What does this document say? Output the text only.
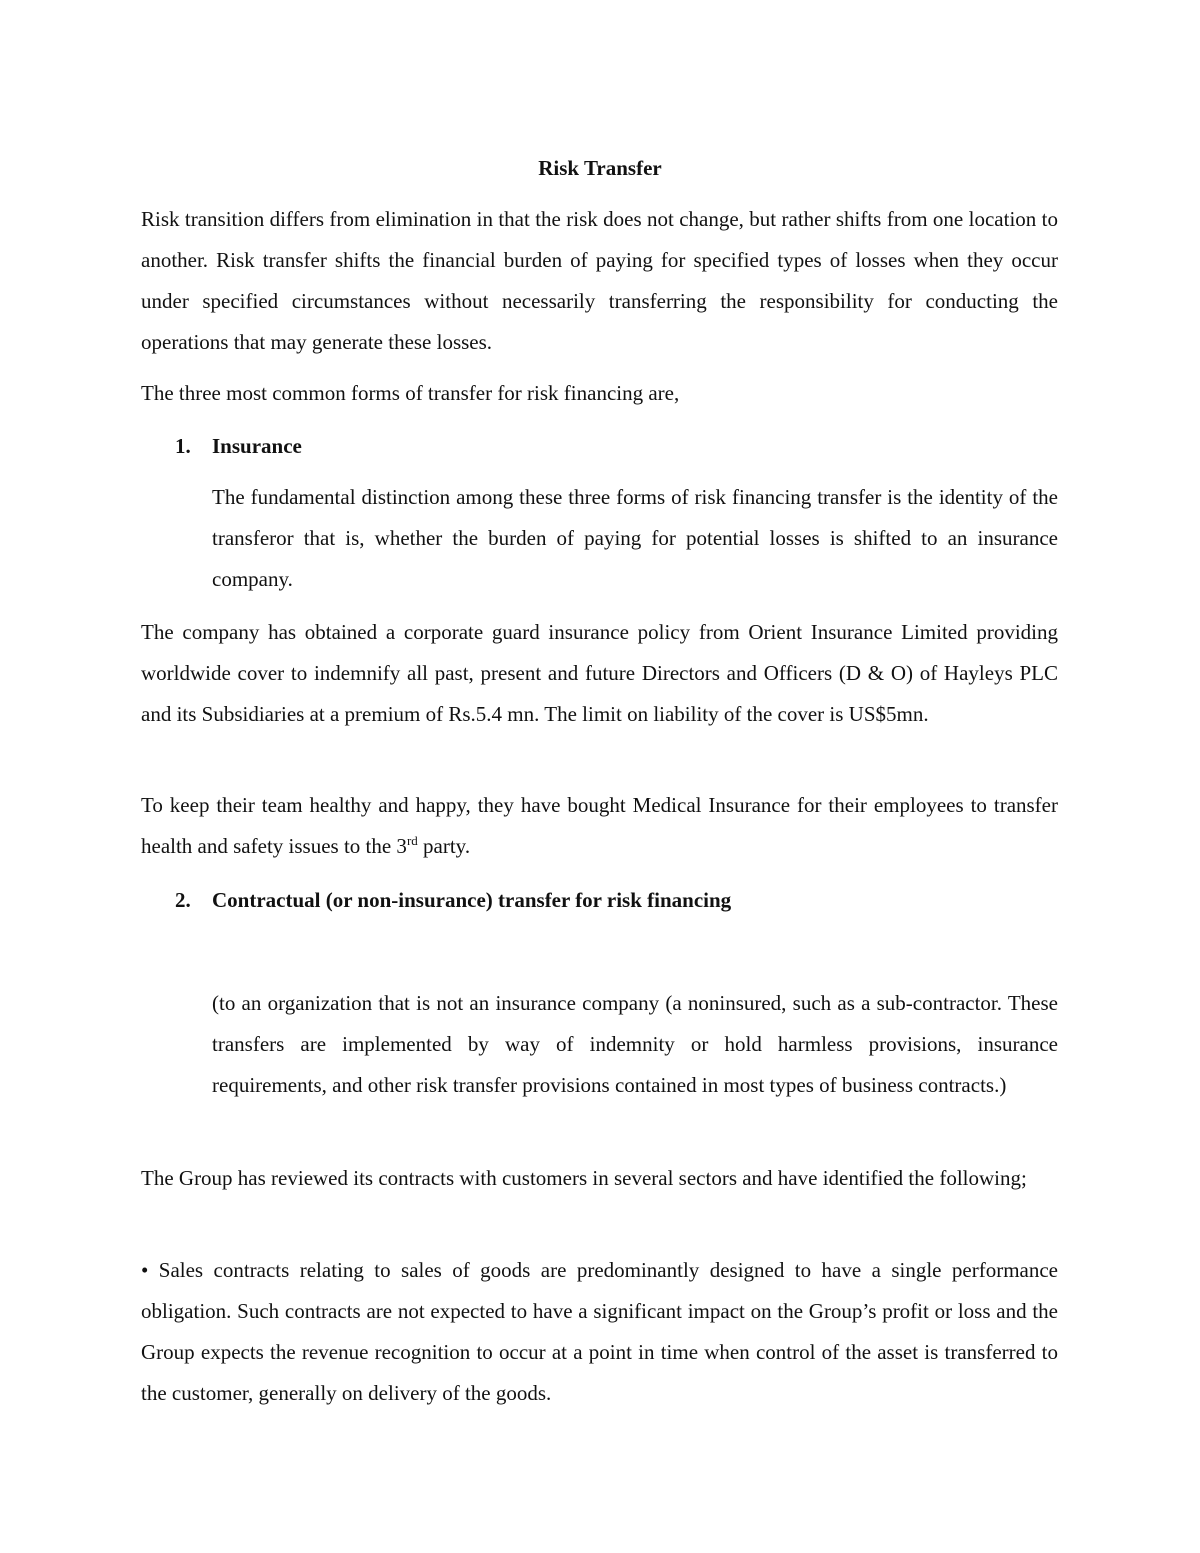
Risk Transfer

Risk transition differs from elimination in that the risk does not change, but rather shifts from one location to another. Risk transfer shifts the financial burden of paying for specified types of losses when they occur under specified circumstances without necessarily transferring the responsibility for conducting the operations that may generate these losses.

The three most common forms of transfer for risk financing are,

1. Insurance

The fundamental distinction among these three forms of risk financing transfer is the identity of the transferor that is, whether the burden of paying for potential losses is shifted to an insurance company.

The company has obtained a corporate guard insurance policy from Orient Insurance Limited providing worldwide cover to indemnify all past, present and future Directors and Officers (D & O) of Hayleys PLC and its Subsidiaries at a premium of Rs.5.4 mn. The limit on liability of the cover is US$5mn.

To keep their team healthy and happy, they have bought Medical Insurance for their employees to transfer health and safety issues to the 3rd party.

2. Contractual (or non-insurance) transfer for risk financing

(to an organization that is not an insurance company (a noninsured, such as a sub-contractor. These transfers are implemented by way of indemnity or hold harmless provisions, insurance requirements, and other risk transfer provisions contained in most types of business contracts.)

The Group has reviewed its contracts with customers in several sectors and have identified the following;

• Sales contracts relating to sales of goods are predominantly designed to have a single performance obligation. Such contracts are not expected to have a significant impact on the Group’s profit or loss and the Group expects the revenue recognition to occur at a point in time when control of the asset is transferred to the customer, generally on delivery of the goods.
